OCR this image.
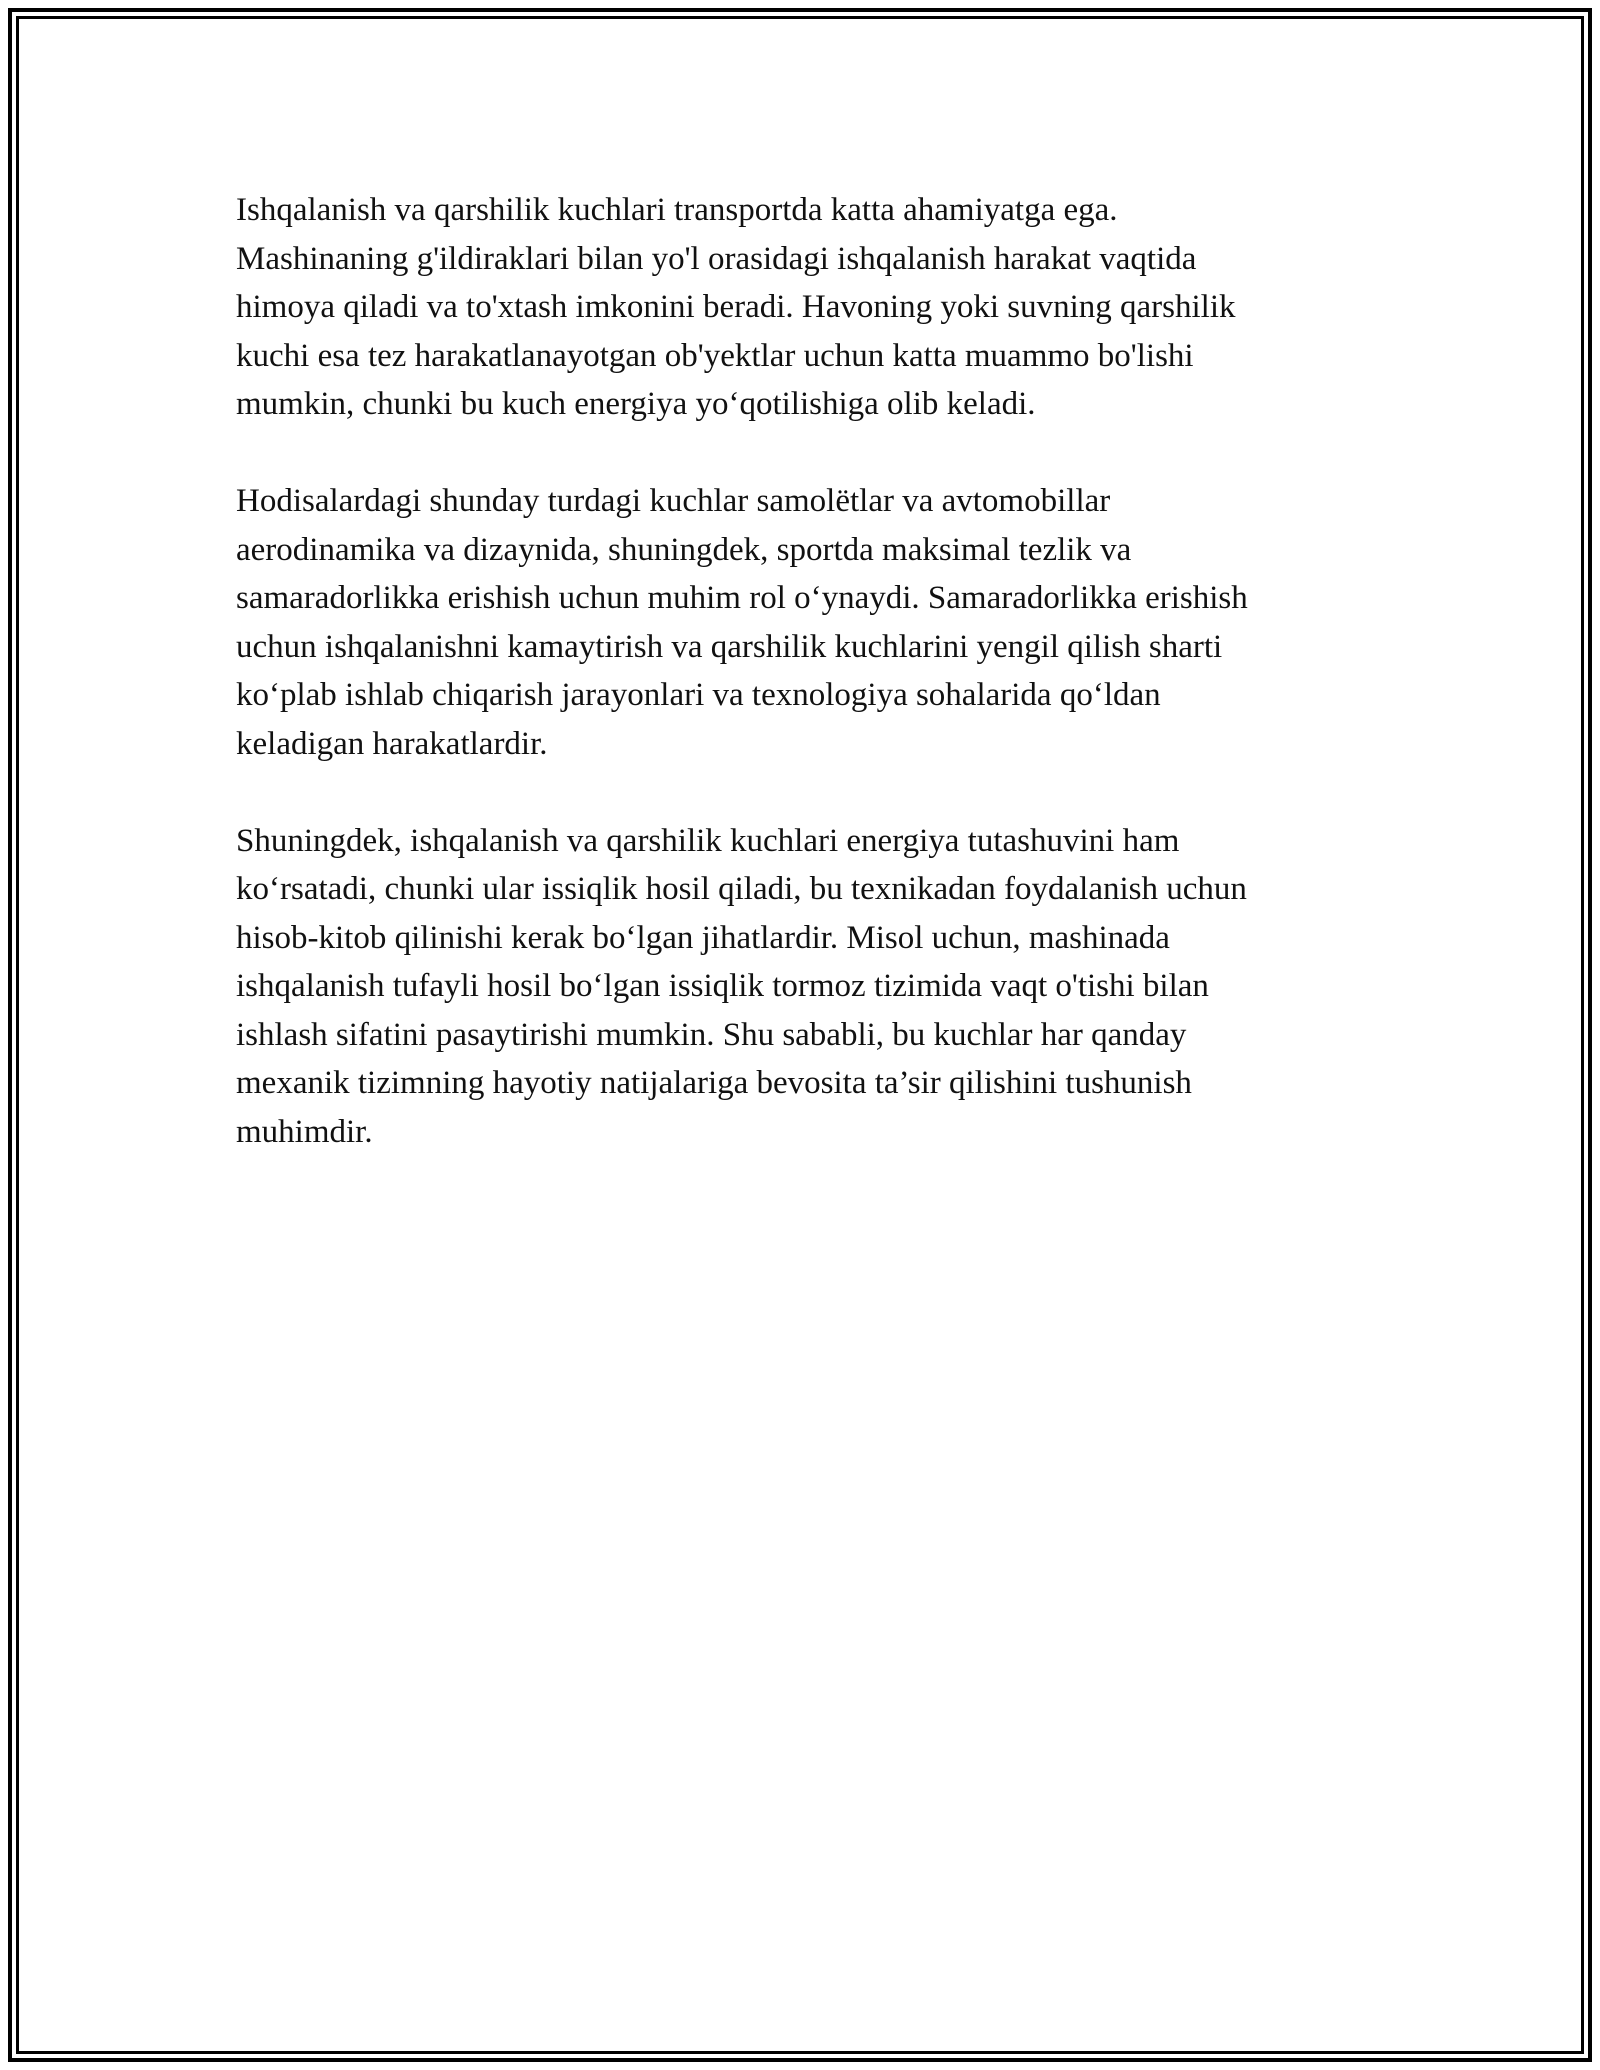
Ishqalanish va qarshilik kuchlari transportda katta ahamiyatga ega.
Mashinaning g'ildiraklari bilan yo'l orasidagi ishqalanish harakat vaqtida
himoya qiladi va to'xtash imkonini beradi. Havoning yoki suvning qarshilik
kuchi esa tez harakatlanayotgan ob'yektlar uchun katta muammo bo'lishi
mumkin, chunki bu kuch energiya yoʻqotilishiga olib keladi.

Hodisalardagi shunday turdagi kuchlar samolëtlar va avtomobillar
aerodinamika va dizaynida, shuningdek, sportda maksimal tezlik va
samaradorlikka erishish uchun muhim rol oʻynaydi. Samaradorlikka erishish
uchun ishqalanishni kamaytirish va qarshilik kuchlarini yengil qilish sharti
koʻplab ishlab chiqarish jarayonlari va texnologiya sohalarida qoʻldan
keladigan harakatlardir.

Shuningdek, ishqalanish va qarshilik kuchlari energiya tutashuvini ham
koʻrsatadi, chunki ular issiqlik hosil qiladi, bu texnikadan foydalanish uchun
hisob-kitob qilinishi kerak boʻlgan jihatlardir. Misol uchun, mashinada
ishqalanish tufayli hosil boʻlgan issiqlik tormoz tizimida vaqt o'tishi bilan
ishlash sifatini pasaytirishi mumkin. Shu sababli, bu kuchlar har qanday
mexanik tizimning hayotiy natijalariga bevosita ta’sir qilishini tushunish
muhimdir.
